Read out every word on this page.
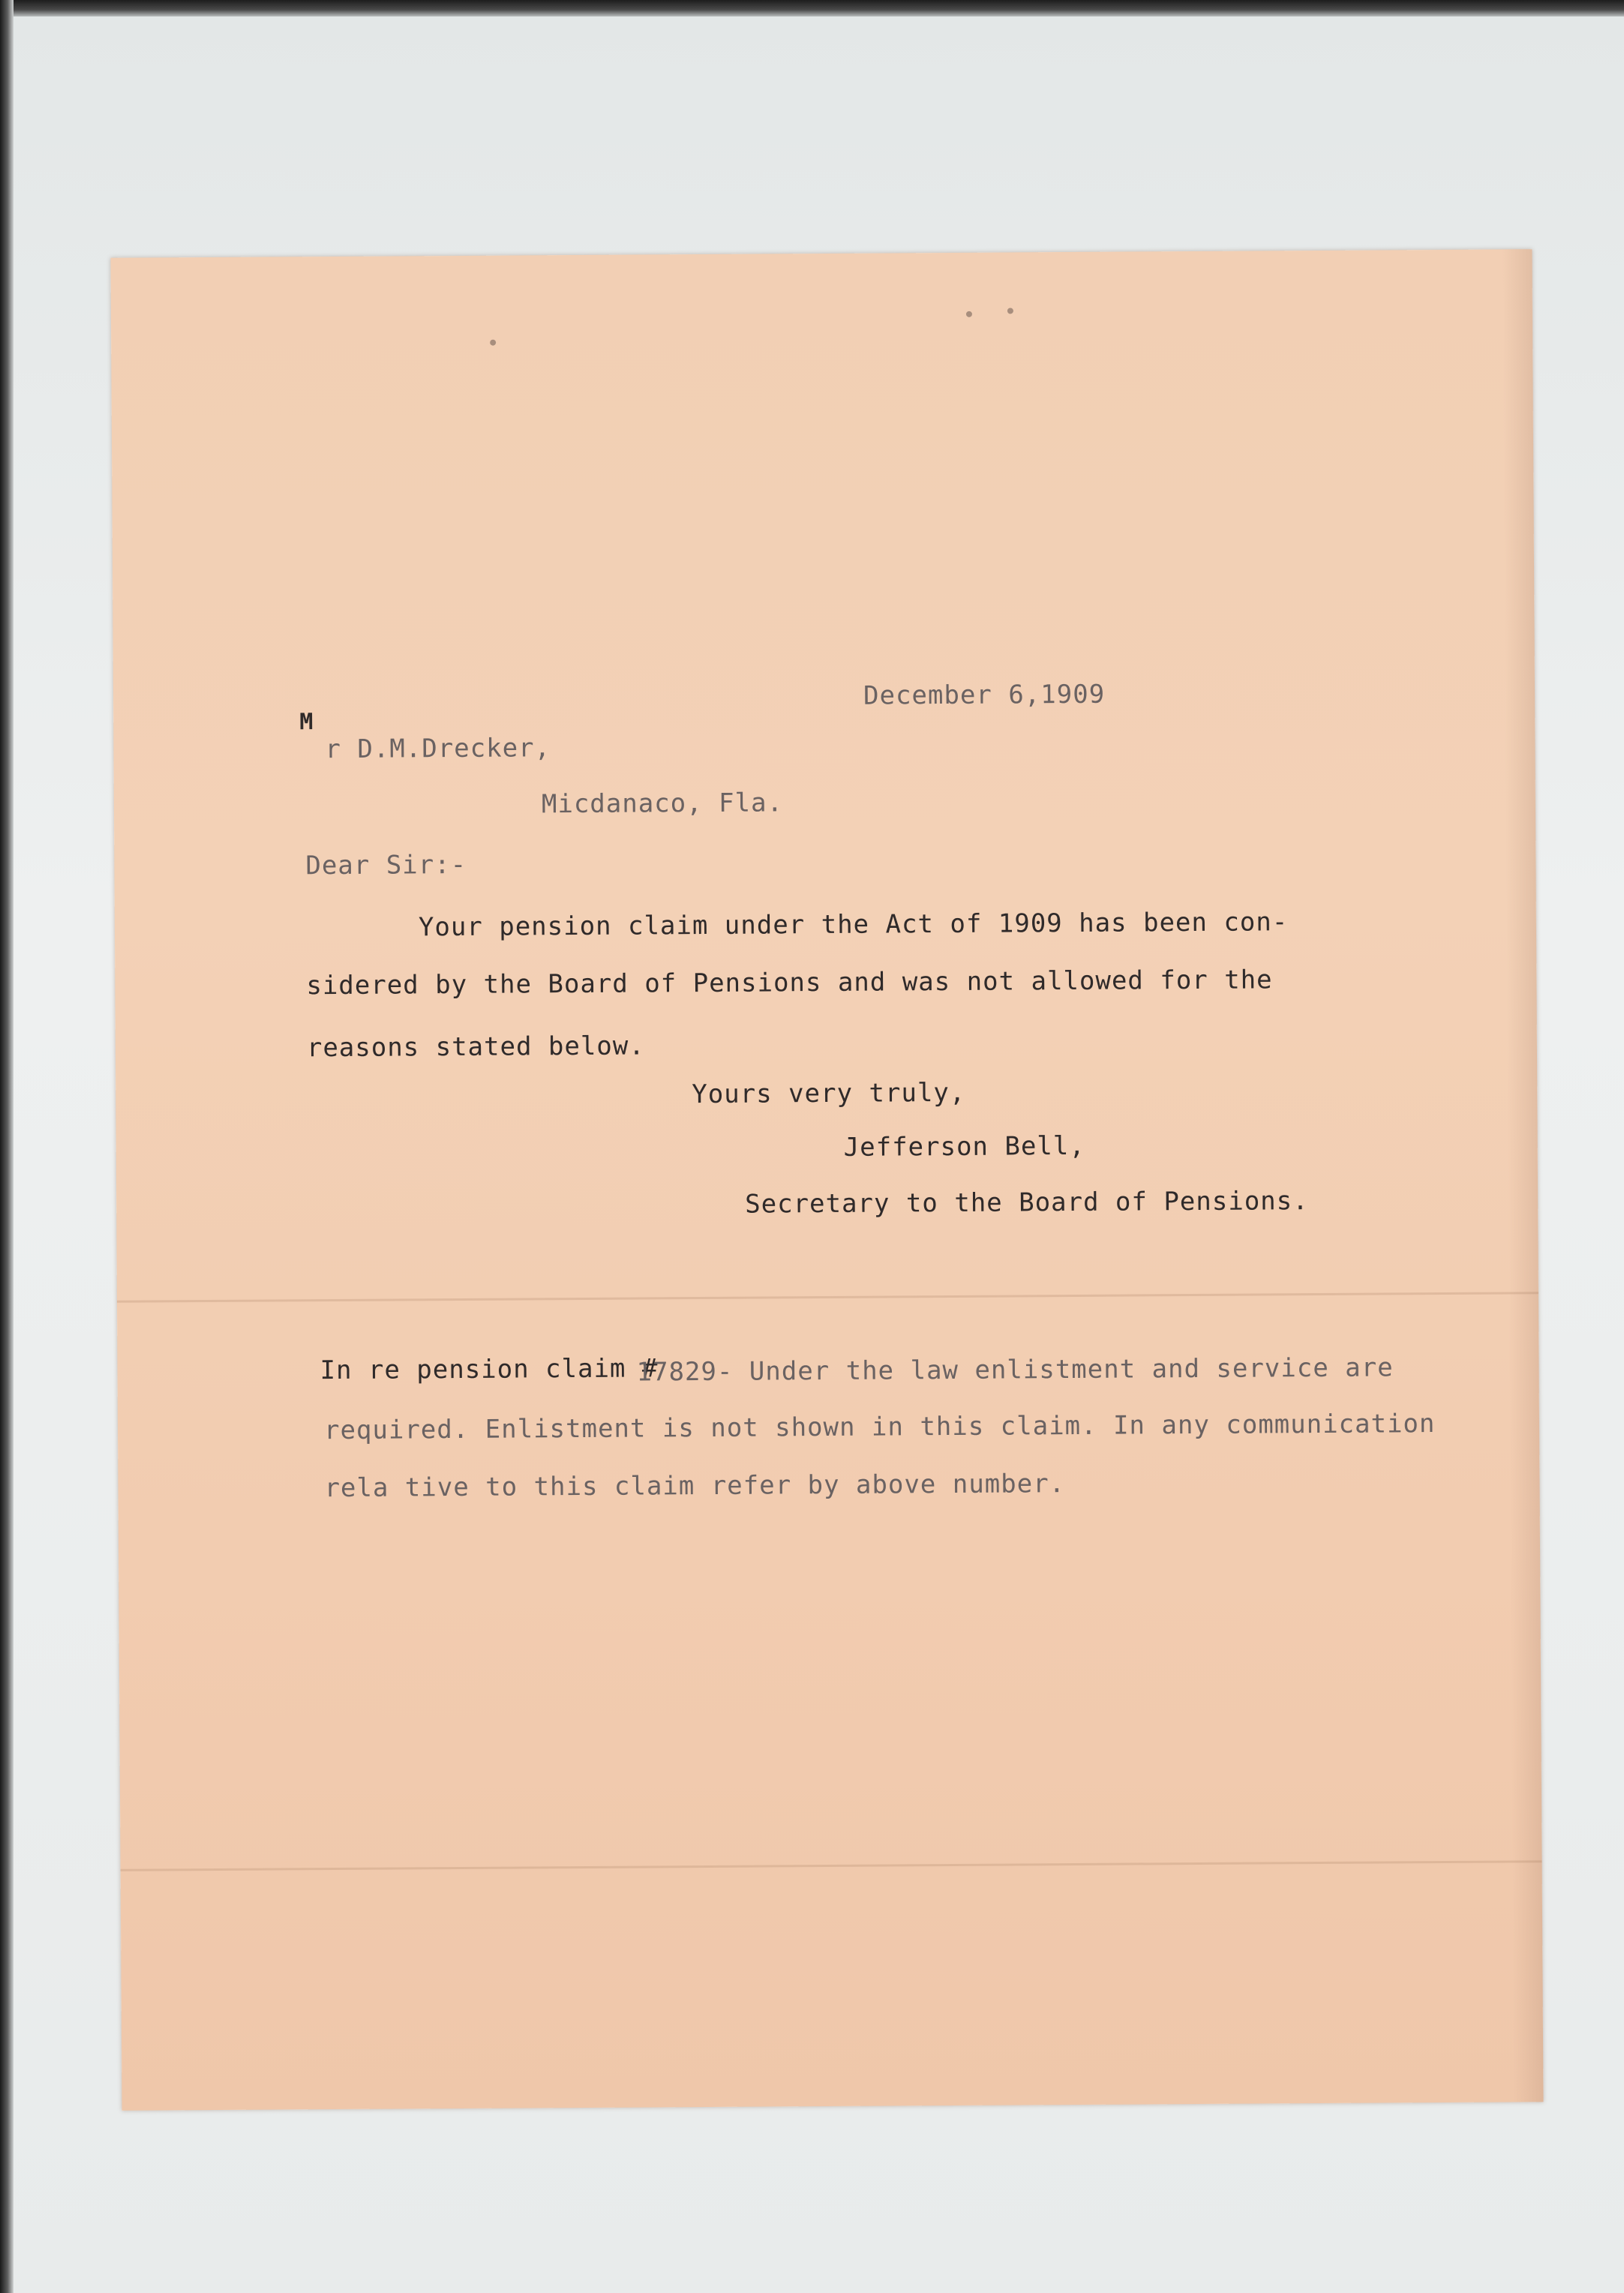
December 6,1909
M
r D.M.Drecker,
Micdanaco, Fla.
Dear Sir:-
Your pension claim under the Act of 1909 has been con-
sidered by the Board of Pensions and was not allowed for the
reasons stated below.
Yours very truly,
Jefferson Bell,
Secretary to the Board of Pensions.
In re pension claim #
17829- Under the law enlistment and service are
required. Enlistment is not shown in this claim. In any communication
rela tive to this claim refer by above number.
